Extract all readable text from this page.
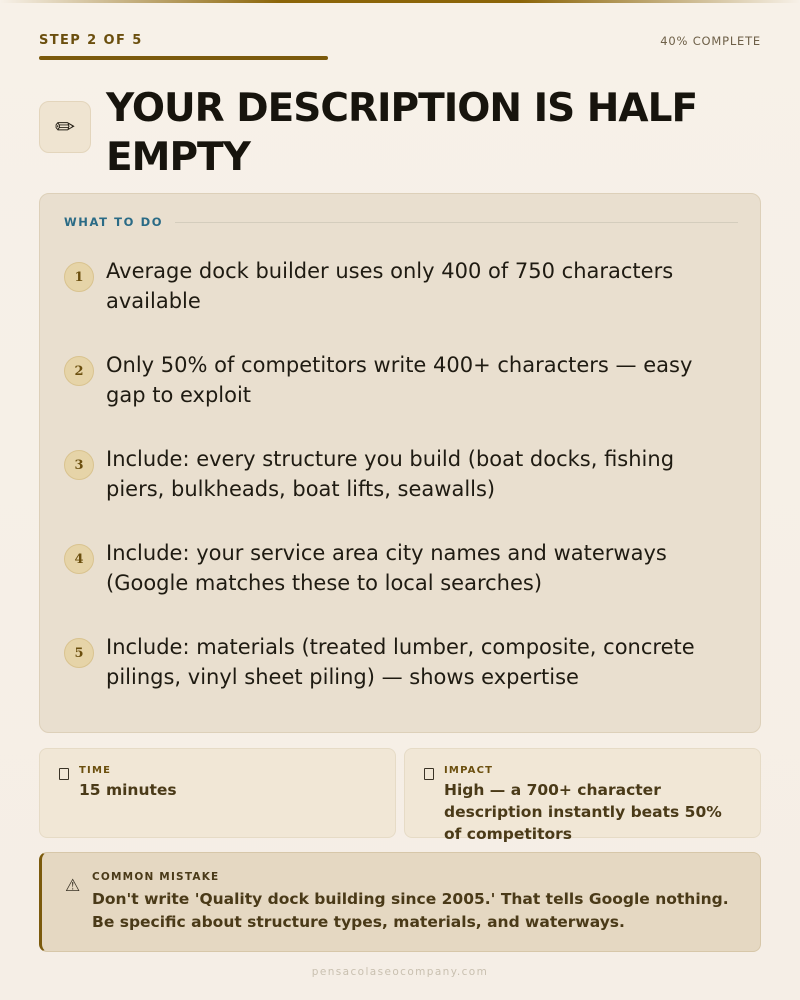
STEP 2 OF 5	40% COMPLETE
✏ YOUR DESCRIPTION IS HALF EMPTY
WHAT TO DO
1	Average dock builder uses only 400 of 750 characters available
2	Only 50% of competitors write 400+ characters — easy gap to exploit
3	Include: every structure you build (boat docks, fishing piers, bulkheads, boat lifts, seawalls)
4	Include: your service area city names and waterways (Google matches these to local searches)
5	Include: materials (treated lumber, composite, concrete pilings, vinyl sheet piling) — shows expertise
TIME
15 minutes
IMPACT
High — a 700+ character description instantly beats 50% of competitors
⚠ COMMON MISTAKE
Don't write 'Quality dock building since 2005.' That tells Google nothing. Be specific about structure types, materials, and waterways.
pensacolaseocompany.com
